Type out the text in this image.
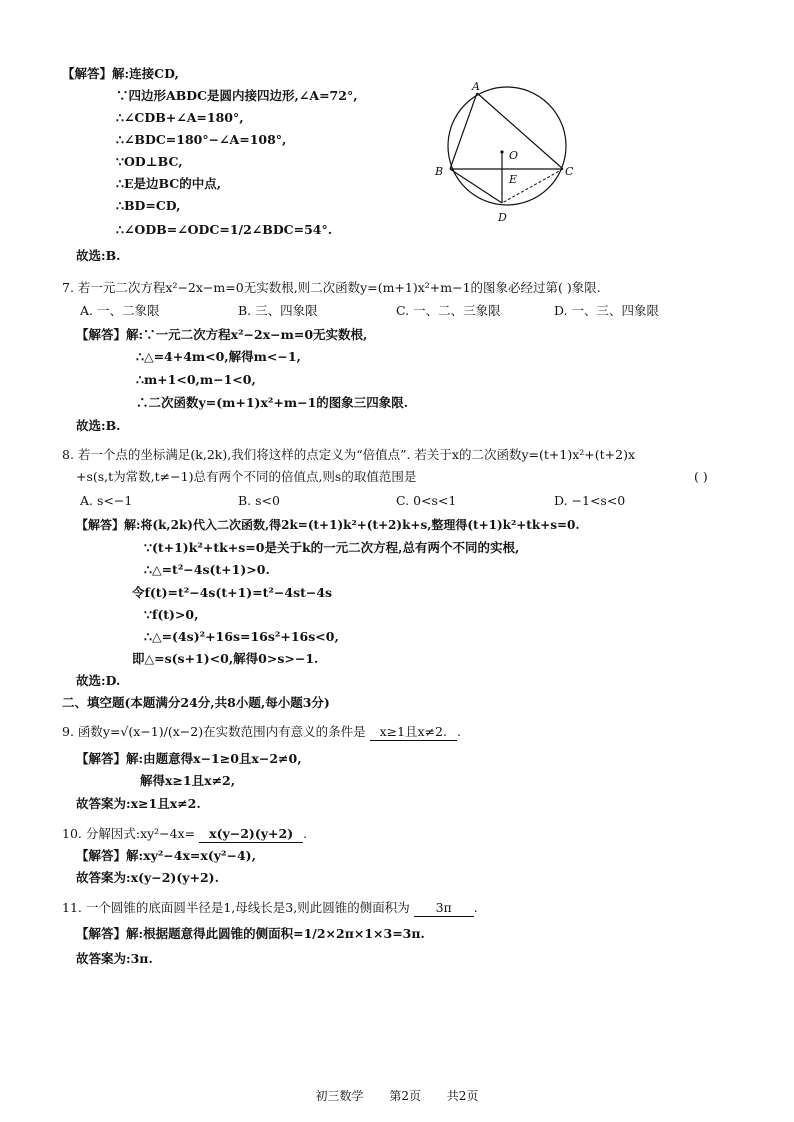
【解答】解:连接CD,
∵四边形ABDC是圆内接四边形,∠A=72°,
∴∠CDB+∠A=180°,
∴∠BDC=180°−∠A=108°,
∵OD⊥BC,
∴E是边BC的中点,
∴BD=CD,
∴∠ODB=∠ODC=1/2∠BDC=54°.
故选:B.
A
O
B
E
C
D
7. 若一元二次方程x²−2x−m=0无实数根,则二次函数y=(m+1)x²+m−1的图象必经过第( )象限.
A. 一、二象限	B. 三、四象限	C. 一、二、三象限	D. 一、三、四象限
【解答】解:∵一元二次方程x²−2x−m=0无实数根,
∴△=4+4m<0,解得m<−1,
∴m+1<0,m−1<0,
∴二次函数y=(m+1)x²+m−1的图象三四象限.
故选:B.
8. 若一个点的坐标满足(k,2k),我们将这样的点定义为“倍值点”. 若关于x的二次函数y=(t+1)x²+(t+2)x
+s(s,t为常数,t≠−1)总有两个不同的倍值点,则s的取值范围是	( )
A. s<−1	B. s<0	C. 0<s<1	D. −1<s<0
【解答】解:将(k,2k)代入二次函数,得2k=(t+1)k²+(t+2)k+s,整理得(t+1)k²+tk+s=0.
∵(t+1)k²+tk+s=0是关于k的一元二次方程,总有两个不同的实根,
∴△=t²−4s(t+1)>0.
令f(t)=t²−4s(t+1)=t²−4st−4s
∵f(t)>0,
∴△=(4s)²+16s=16s²+16s<0,
即△=s(s+1)<0,解得0>s>−1.
故选:D.
二、填空题(本题满分24分,共8小题,每小题3分)
9. 函数y=√(x−1)/(x−2)在实数范围内有意义的条件是 x≥1且x≠2. .
【解答】解:由题意得x−1≥0且x−2≠0,
解得x≥1且x≠2,
故答案为:x≥1且x≠2.
10. 分解因式:xy²−4x= x(y−2)(y+2) .
【解答】解:xy²−4x=x(y²−4),
故答案为:x(y−2)(y+2).
11. 一个圆锥的底面圆半径是1,母线长是3,则此圆锥的侧面积为 3π .
【解答】解:根据题意得此圆锥的侧面积=1/2×2π×1×3=3π.
故答案为:3π.
初三数学 第2页 共2页
